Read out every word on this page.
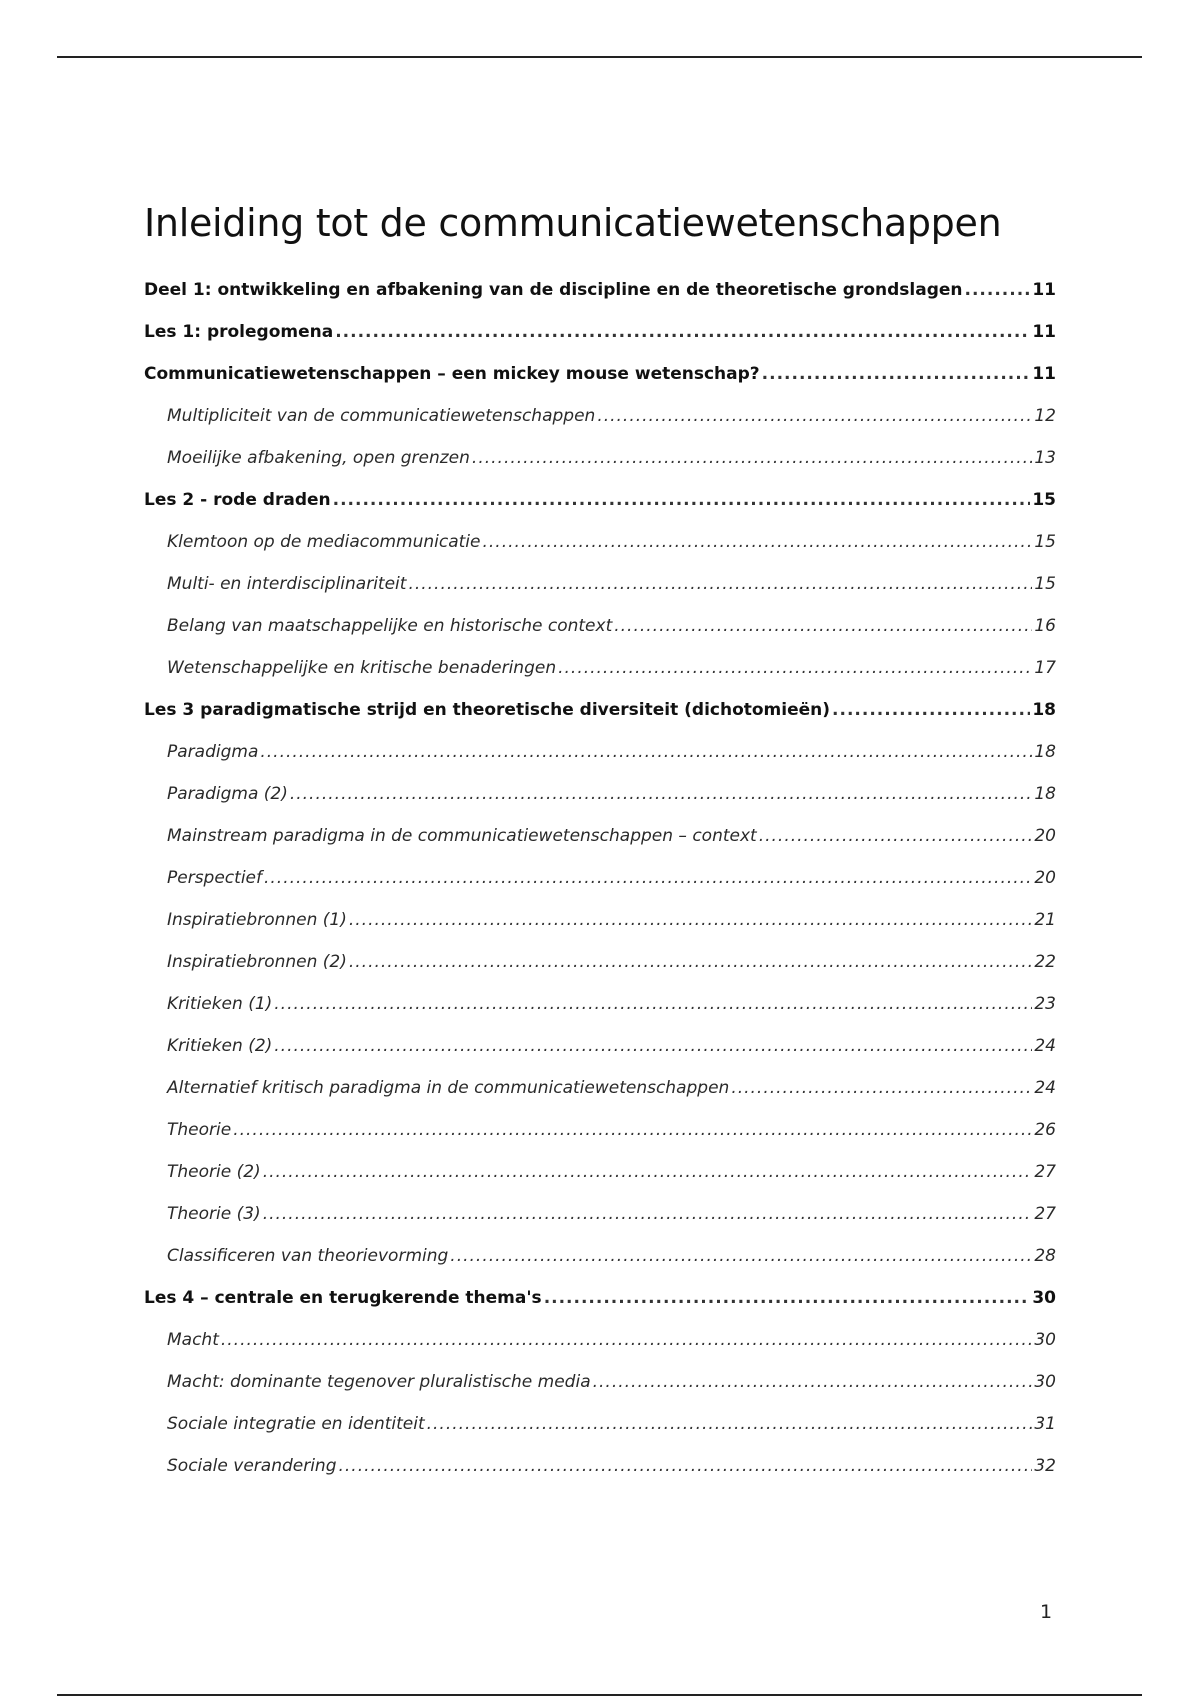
Inleiding tot de communicatiewetenschappen
Deel 1: ontwikkeling en afbakening van de discipline en de theoretische grondslagen .....	11
Les 1: prolegomena .....	11
Communicatiewetenschappen – een mickey mouse wetenschap? .....	11
Multipliciteit van de communicatiewetenschappen .....	12
Moeilijke afbakening, open grenzen .....	13
Les 2 - rode draden .....	15
Klemtoon op de mediacommunicatie .....	15
Multi- en interdisciplinariteit .....	15
Belang van maatschappelijke en historische context .....	16
Wetenschappelijke en kritische benaderingen .....	17
Les 3 paradigmatische strijd en theoretische diversiteit (dichotomieën) .....	18
Paradigma .....	18
Paradigma (2) .....	18
Mainstream paradigma in de communicatiewetenschappen – context .....	20
Perspectief .....	20
Inspiratiebronnen (1) .....	21
Inspiratiebronnen (2) .....	22
Kritieken (1) .....	23
Kritieken (2) .....	24
Alternatief kritisch paradigma in de communicatiewetenschappen .....	24
Theorie .....	26
Theorie (2) .....	27
Theorie (3) .....	27
Classificeren van theorievorming .....	28
Les 4 – centrale en terugkerende thema's .....	30
Macht .....	30
Macht: dominante tegenover pluralistische media .....	30
Sociale integratie en identiteit .....	31
Sociale verandering .....	32
1
